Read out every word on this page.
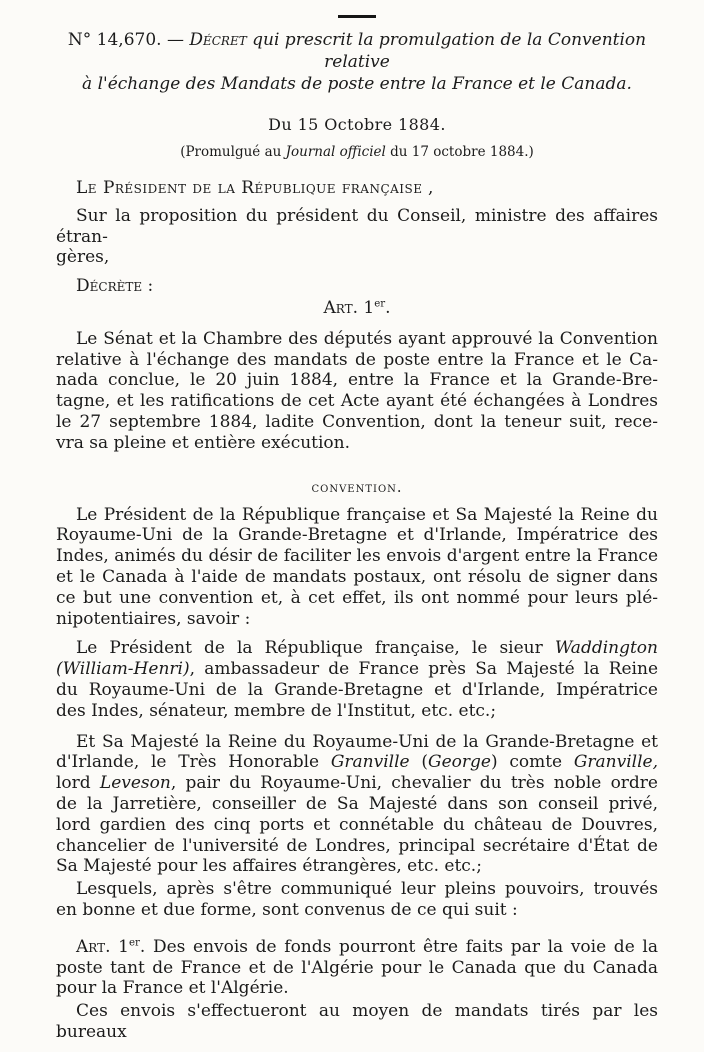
N° 14,670. — Décret qui prescrit la promulgation de la Convention relative
à l'échange des Mandats de poste entre la France et le Canada.
Du 15 Octobre 1884.
(Promulgué au Journal officiel du 17 octobre 1884.)
Le Président de la République française ,
Sur la proposition du président du Conseil, ministre des affaires étran-
gères,
Décrète :
Art. 1er.
Le Sénat et la Chambre des députés ayant approuvé la Convention
relative à l'échange des mandats de poste entre la France et le Ca-
nada conclue, le 20 juin 1884, entre la France et la Grande-Bre-
tagne, et les ratifications de cet Acte ayant été échangées à Londres
le 27 septembre 1884, ladite Convention, dont la teneur suit, rece-
vra sa pleine et entière exécution.
convention.
Le Président de la République française et Sa Majesté la Reine du
Royaume-Uni de la Grande-Bretagne et d'Irlande, Impératrice des
Indes, animés du désir de faciliter les envois d'argent entre la France
et le Canada à l'aide de mandats postaux, ont résolu de signer dans
ce but une convention et, à cet effet, ils ont nommé pour leurs plé-
nipotentiaires, savoir :
Le Président de la République française, le sieur Waddington
(William-Henri), ambassadeur de France près Sa Majesté la Reine
du Royaume-Uni de la Grande-Bretagne et d'Irlande, Impératrice
des Indes, sénateur, membre de l'Institut, etc. etc.;
Et Sa Majesté la Reine du Royaume-Uni de la Grande-Bretagne et
d'Irlande, le Très Honorable Granville (George) comte Granville,
lord Leveson, pair du Royaume-Uni, chevalier du très noble ordre
de la Jarretière, conseiller de Sa Majesté dans son conseil privé,
lord gardien des cinq ports et connétable du château de Douvres,
chancelier de l'université de Londres, principal secrétaire d'État de
Sa Majesté pour les affaires étrangères, etc. etc.;
Lesquels, après s'être communiqué leur pleins pouvoirs, trouvés
en bonne et due forme, sont convenus de ce qui suit :
Art. 1er. Des envois de fonds pourront être faits par la voie de la
poste tant de France et de l'Algérie pour le Canada que du Canada
pour la France et l'Algérie.
Ces envois s'effectueront au moyen de mandats tirés par les bureaux
